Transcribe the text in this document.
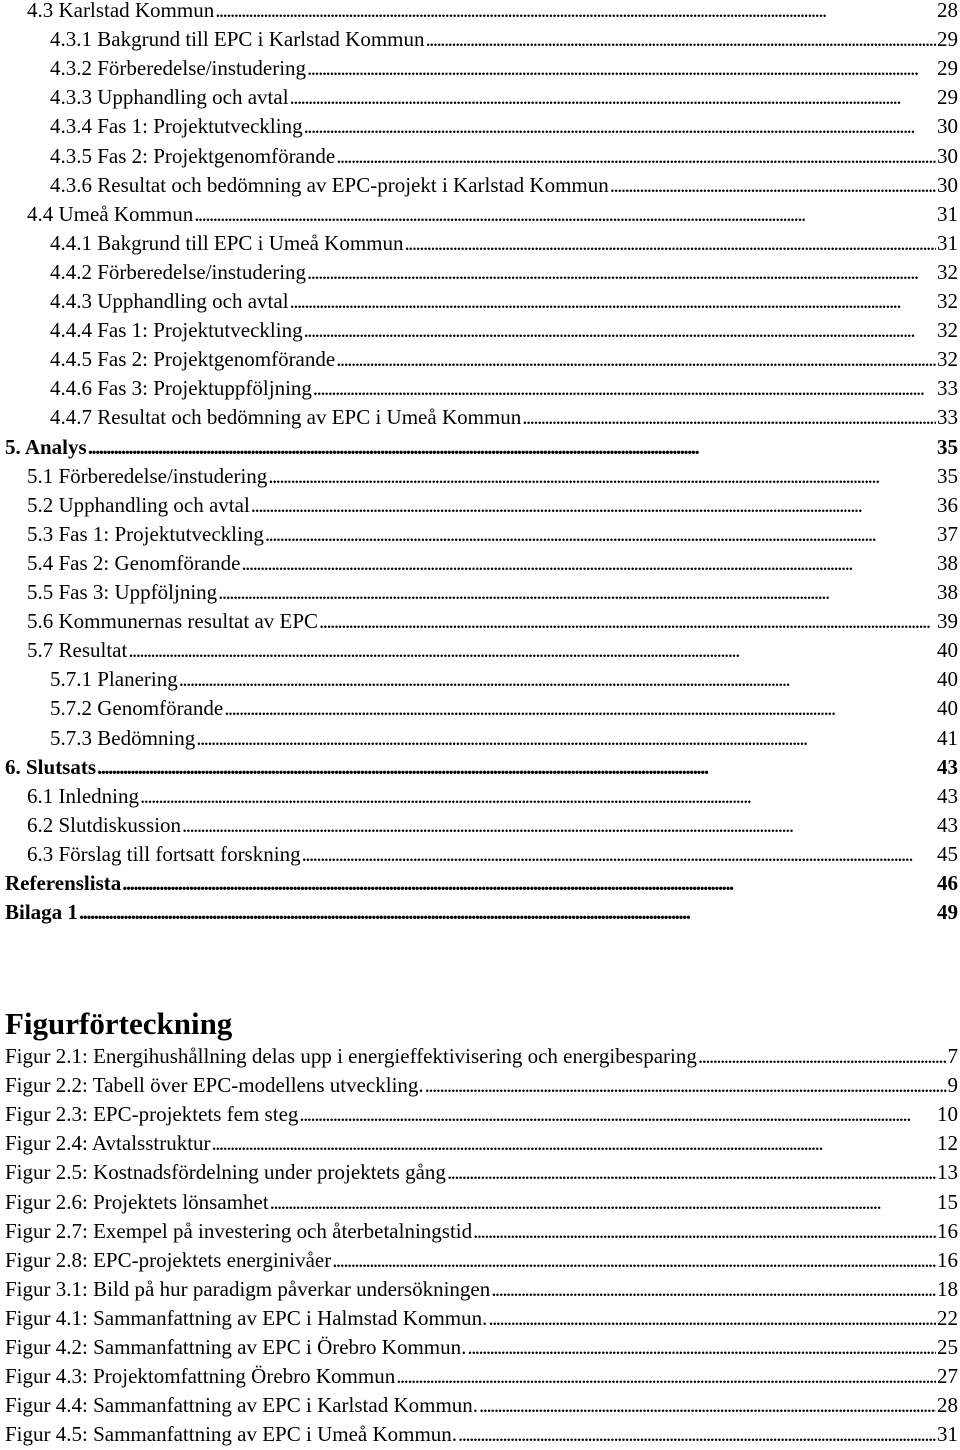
4.3 Karlstad Kommun . . .	28
4.3.1 Bakgrund till EPC i Karlstad Kommun . . .	29
4.3.2 Förberedelse/instudering . . .	29
4.3.3 Upphandling och avtal . . .	29
4.3.4 Fas 1: Projektutveckling . . .	30
4.3.5 Fas 2: Projektgenomförande . . .	30
4.3.6 Resultat och bedömning av EPC-projekt i Karlstad Kommun . . .	30
4.4 Umeå Kommun . . .	31
4.4.1 Bakgrund till EPC i Umeå Kommun . . .	31
4.4.2 Förberedelse/instudering . . .	32
4.4.3 Upphandling och avtal . . .	32
4.4.4 Fas 1: Projektutveckling . . .	32
4.4.5 Fas 2: Projektgenomförande . . .	32
4.4.6 Fas 3: Projektuppföljning . . .	33
4.4.7 Resultat och bedömning av EPC i Umeå Kommun . . .	33
5. Analys . . .	35
5.1 Förberedelse/instudering . . .	35
5.2 Upphandling och avtal . . .	36
5.3 Fas 1: Projektutveckling . . .	37
5.4 Fas 2: Genomförande . . .	38
5.5 Fas 3: Uppföljning . . .	38
5.6 Kommunernas resultat av EPC . . .	39
5.7 Resultat . . .	40
5.7.1 Planering . . .	40
5.7.2 Genomförande . . .	40
5.7.3 Bedömning . . .	41
6. Slutsats . . .	43
6.1 Inledning . . .	43
6.2 Slutdiskussion . . .	43
6.3 Förslag till fortsatt forskning . . .	45
Referenslista . . .	46
Bilaga 1 . . .	49
Figurförteckning
Figur 2.1: Energihushållning delas upp i energieffektivisering och energibesparing . . .	7
Figur 2.2: Tabell över EPC-modellens utveckling. . . .	9
Figur 2.3: EPC-projektets fem steg . . .	10
Figur 2.4: Avtalsstruktur . . .	12
Figur 2.5: Kostnadsfördelning under projektets gång . . .	13
Figur 2.6: Projektets lönsamhet . . .	15
Figur 2.7: Exempel på investering och återbetalningstid . . .	16
Figur 2.8: EPC-projektets energinivåer . . .	16
Figur 3.1: Bild på hur paradigm påverkar undersökningen . . .	18
Figur 4.1: Sammanfattning av EPC i Halmstad Kommun. . . .	22
Figur 4.2: Sammanfattning av EPC i Örebro Kommun. . . .	25
Figur 4.3: Projektomfattning Örebro Kommun . . .	27
Figur 4.4: Sammanfattning av EPC i Karlstad Kommun. . . .	28
Figur 4.5: Sammanfattning av EPC i Umeå Kommun. . . .	31
